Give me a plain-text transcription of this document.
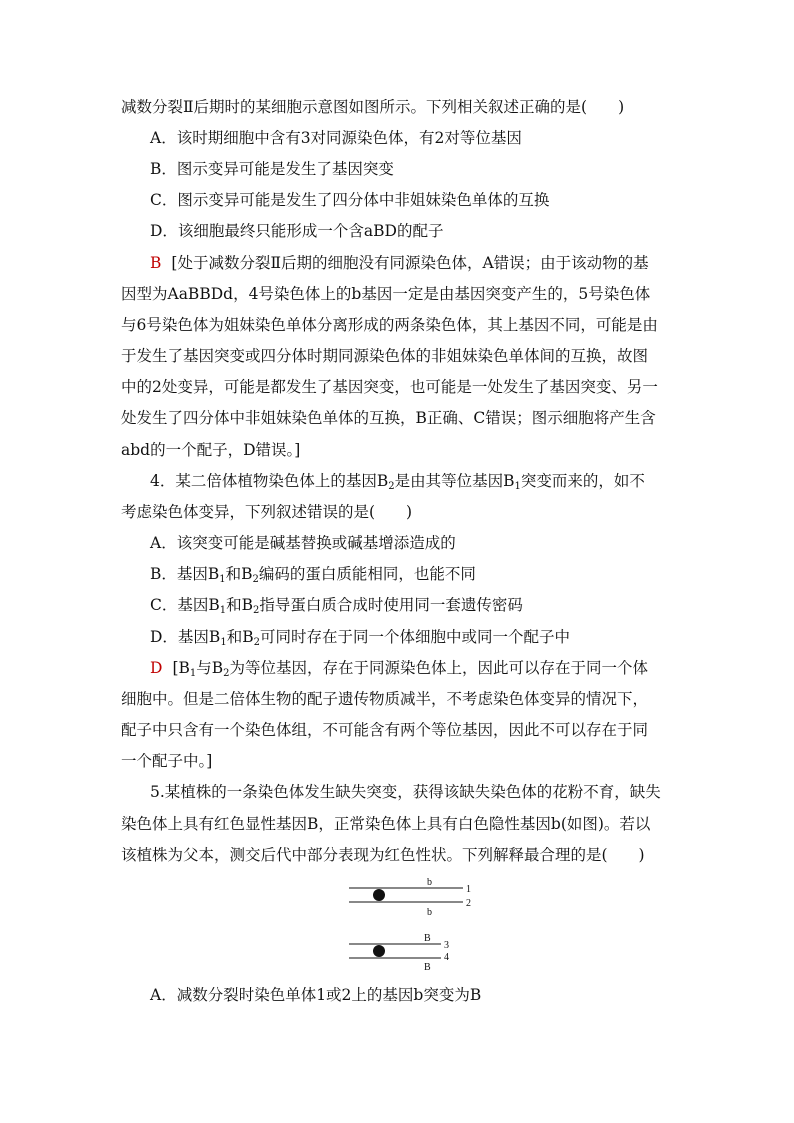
减数分裂Ⅱ后期时的某细胞示意图如图所示。下列相关叙述正确的是(　　)
A．该时期细胞中含有3对同源染色体，有2对等位基因
B．图示变异可能是发生了基因突变
C．图示变异可能是发生了四分体中非姐妹染色单体的互换
D．该细胞最终只能形成一个含aBD的配子
B [处于减数分裂Ⅱ后期的细胞没有同源染色体，A错误；由于该动物的基
因型为AaBBDd，4号染色体上的b基因一定是由基因突变产生的，5号染色体
与6号染色体为姐妹染色单体分离形成的两条染色体，其上基因不同，可能是由
于发生了基因突变或四分体时期同源染色体的非姐妹染色单体间的互换，故图
中的2处变异，可能是都发生了基因突变，也可能是一处发生了基因突变、另一
处发生了四分体中非姐妹染色单体的互换，B正确、C错误；图示细胞将产生含
abd的一个配子，D错误。]
4．某二倍体植物染色体上的基因$B_2$是由其等位基因$B_1$突变而来的，如不
考虑染色体变异，下列叙述错误的是(　　)
A．该突变可能是碱基替换或碱基增添造成的
B．基因$B_1$和$B_2$编码的蛋白质能相同，也能不同
C．基因$B_1$和$B_2$指导蛋白质合成时使用同一套遗传密码
D．基因$B_1$和$B_2$可同时存在于同一个体细胞中或同一个配子中
D [$B_1$与$B_2$为等位基因，存在于同源染色体上，因此可以存在于同一个体
细胞中。但是二倍体生物的配子遗传物质减半，不考虑染色体变异的情况下，
配子中只含有一个染色体组，不可能含有两个等位基因，因此不可以存在于同
一个配子中。]
5.某植株的一条染色体发生缺失突变，获得该缺失染色体的花粉不育，缺失
染色体上具有红色显性基因B，正常染色体上具有白色隐性基因b(如图)。若以
该植株为父本，测交后代中部分表现为红色性状。下列解释最合理的是(　　)
b
1
2
b
B
3
4
B
A．减数分裂时染色单体1或2上的基因b突变为B
